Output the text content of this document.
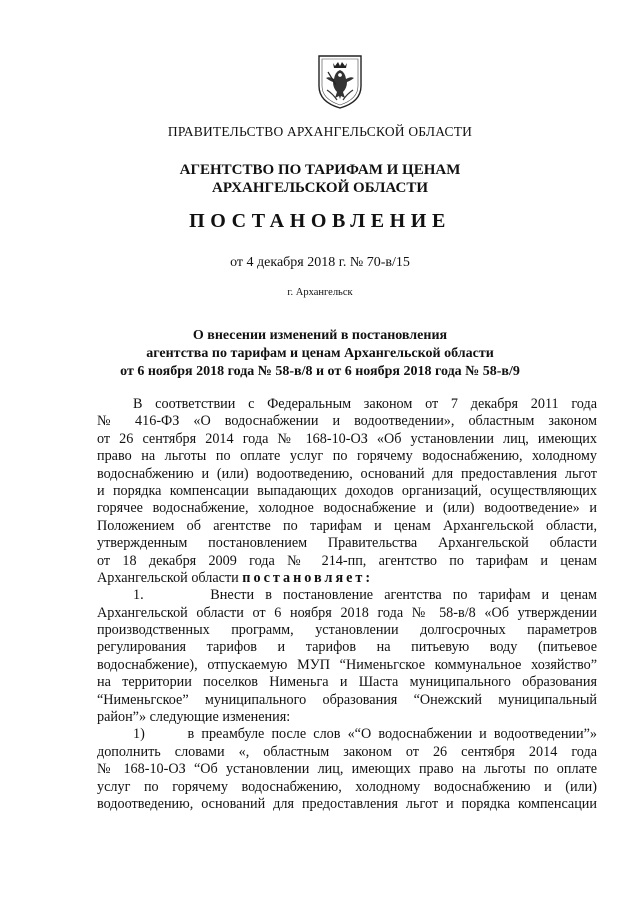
ПРАВИТЕЛЬСТВО АРХАНГЕЛЬСКОЙ ОБЛАСТИ
АГЕНТСТВО ПО ТАРИФАМ И ЦЕНАМ
АРХАНГЕЛЬСКОЙ ОБЛАСТИ
ПОСТАНОВЛЕНИЕ
от 4 декабря 2018 г. № 70-в/15
г. Архангельск
О внесении изменений в постановления
агентства по тарифам и ценам Архангельской области
от 6 ноября 2018 года № 58-в/8 и от 6 ноября 2018 года № 58-в/9
В соответствии с Федеральным законом от 7 декабря 2011 года
№ 416-ФЗ «О водоснабжении и водоотведении», областным законом
от 26 сентября 2014 года № 168-10-ОЗ «Об установлении лиц, имеющих
право на льготы по оплате услуг по горячему водоснабжению, холодному
водоснабжению и (или) водоотведению, оснований для предоставления льгот
и порядка компенсации выпадающих доходов организаций, осуществляющих
горячее водоснабжение, холодное водоснабжение и (или) водоотведение» и
Положением об агентстве по тарифам и ценам Архангельской области,
утвержденным постановлением Правительства Архангельской области
от 18 декабря 2009 года № 214-пп, агентство по тарифам и ценам
Архангельской области постановляет:
1.      Внести в постановление агентства по тарифам и ценам
Архангельской области от 6 ноября 2018 года № 58-в/8 «Об утверждении
производственных программ, установлении долгосрочных параметров
регулирования тарифов и тарифов на питьевую воду (питьевое
водоснабжение), отпускаемую МУП “Нименьгское коммунальное хозяйство”
на территории поселков Нименьга и Шаста муниципального образования
“Нименьгское” муниципального образования “Онежский муниципальный
район”» следующие изменения:
1)      в преамбуле после слов «“О водоснабжении и водоотведении”»
дополнить словами «, областным законом от 26 сентября 2014 года
№ 168-10-ОЗ “Об установлении лиц, имеющих право на льготы по оплате
услуг по горячему водоснабжению, холодному водоснабжению и (или)
водоотведению, оснований для предоставления льгот и порядка компенсации
